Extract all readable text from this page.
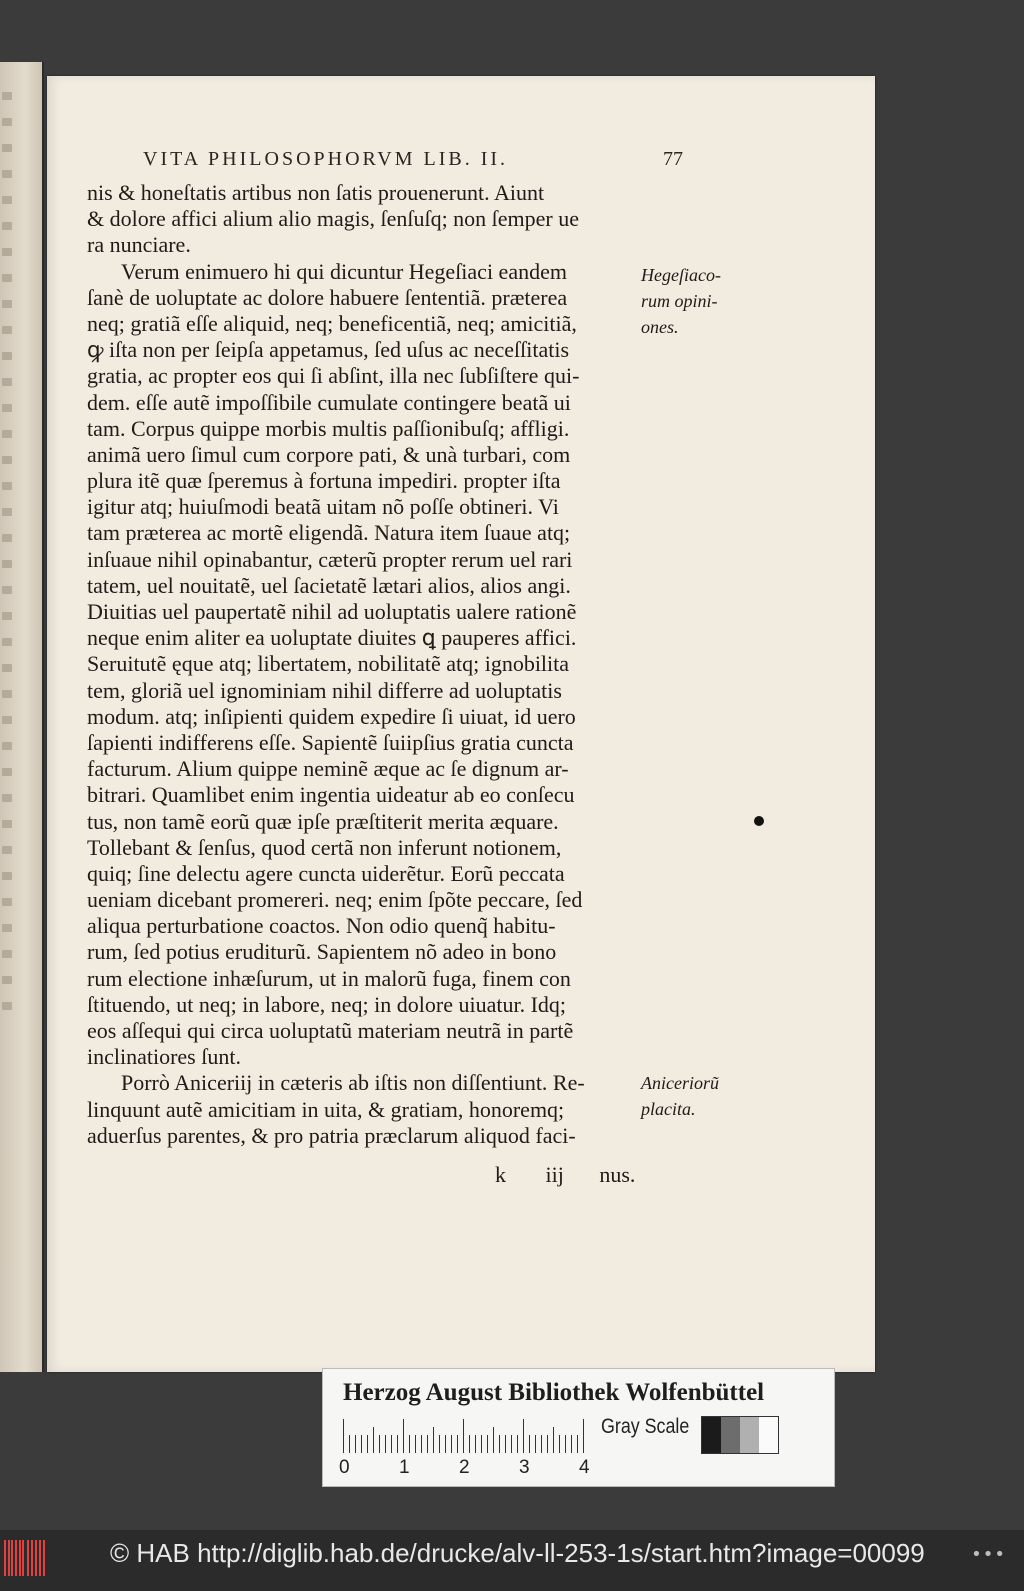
VITA PHILOSOPHORVM LIB. II.	77
nis & honeſtatis artibus non ſatis prouenerunt. Aiunt
& dolore affici alium alio magis, ſenſuſq; non ſemper ue
ra nunciare.
Verum enimuero hi qui dicuntur Hegeſiaci eandem
ſanè de uoluptate ac dolore habuere ſententiã. præterea
neq; gratiã eſſe aliquid, neq; beneficentiã, neq; amicitiã,
ꝙ iſta non per ſeipſa appetamus, ſed uſus ac neceſſitatis
gratia, ac propter eos qui ſi abſint, illa nec ſubſiſtere qui-
dem. eſſe autẽ impoſſibile cumulate contingere beatã ui
tam. Corpus quippe morbis multis paſſionibuſq; affligi.
animã uero ſimul cum corpore pati, & unà turbari, com
plura itẽ quæ ſperemus à fortuna impediri. propter iſta
igitur atq; huiuſmodi beatã uitam nõ poſſe obtineri. Vi
tam præterea ac mortẽ eligendã. Natura item ſuaue atq;
inſuaue nihil opinabantur, cæterũ propter rerum uel rari
tatem, uel nouitatẽ, uel ſacietatẽ lætari alios, alios angi.
Diuitias uel paupertatẽ nihil ad uoluptatis ualere rationẽ
neque enim aliter ea uoluptate diuites ꝗ pauperes affici.
Seruitutẽ ęque atq; libertatem, nobilitatẽ atq; ignobilita
tem, gloriã uel ignominiam nihil differre ad uoluptatis
modum. atq; inſipienti quidem expedire ſi uiuat, id uero
ſapienti indifferens eſſe. Sapientẽ ſuiipſius gratia cuncta
facturum. Alium quippe neminẽ æque ac ſe dignum ar-
bitrari. Quamlibet enim ingentia uideatur ab eo conſecu
tus, non tamẽ eorũ quæ ipſe præſtiterit merita æquare.
Tollebant & ſenſus, quod certã non inferunt notionem,
quiq; ſine delectu agere cuncta uiderẽtur. Eorũ peccata
ueniam dicebant promereri. neq; enim ſpõte peccare, ſed
aliqua perturbatione coactos. Non odio quenq̃ habitu-
rum, ſed potius eruditurũ. Sapientem nõ adeo in bono
rum electione inhæſurum, ut in malorũ fuga, finem con
ſtituendo, ut neq; in labore, neq; in dolore uiuatur. Idq;
eos aſſequi qui circa uoluptatũ materiam neutrã in partẽ
inclinatiores ſunt.
Porrò Aniceriĳ in cæteris ab iſtis non diſſentiunt. Re-
linquunt autẽ amicitiam in uita, & gratiam, honoremq;
aduerſus parentes, & pro patria præclarum aliquod faci-
k iij nus.
Hegeſiaco-
rum opini-
ones.
Aniceriorũ
placita.
Herzog August Bibliothek Wolfenbüttel
0	1	2	3	4
Gray Scale
© HAB http://diglib.hab.de/drucke/alv-ll-253-1s/start.htm?image=00099	•••
